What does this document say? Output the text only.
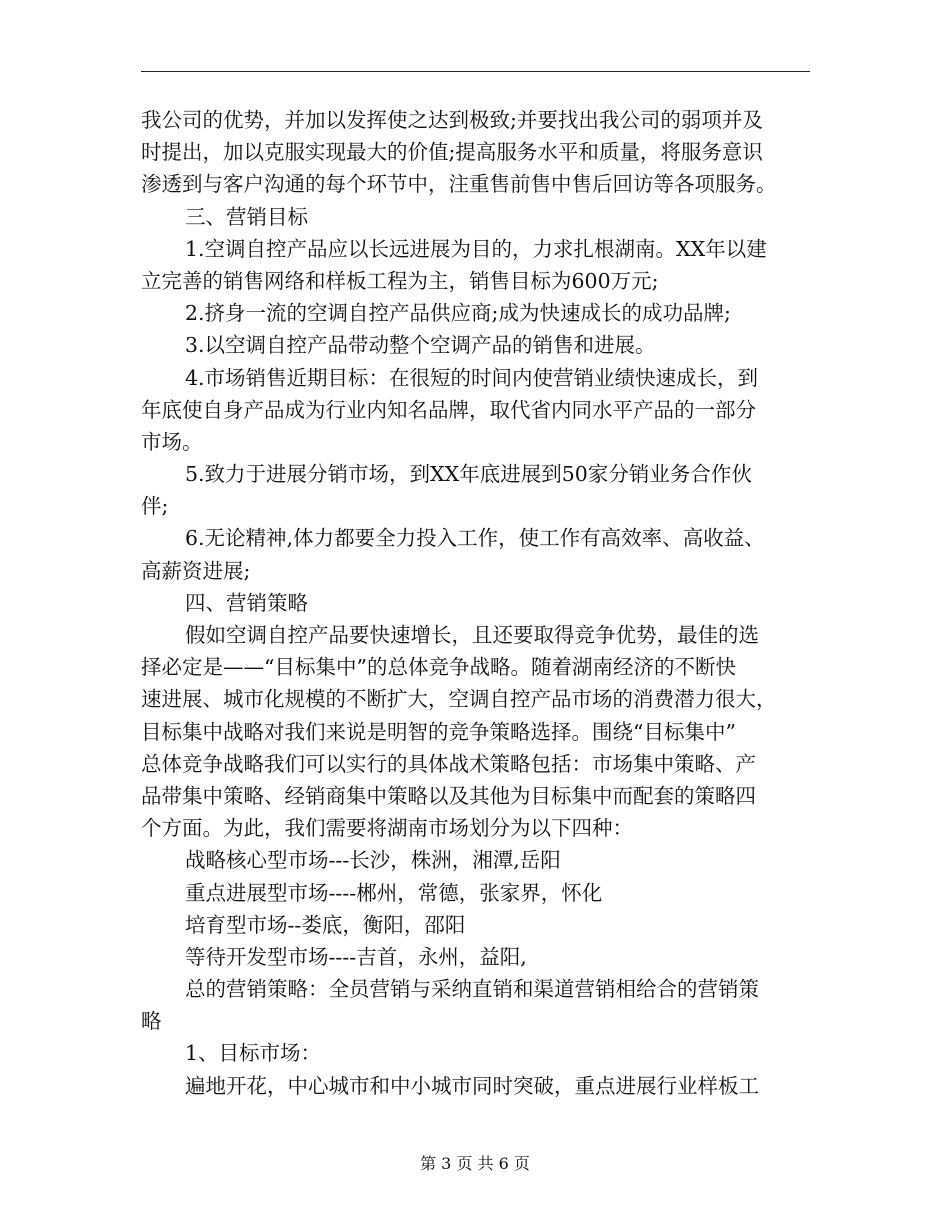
我公司的优势，并加以发挥使之达到极致;并要找出我公司的弱项并及
时提出，加以克服实现最大的价值;提高服务水平和质量，将服务意识
渗透到与客户沟通的每个环节中，注重售前售中售后回访等各项服务。
三、营销目标
1.空调自控产品应以长远进展为目的，力求扎根湖南。XX年以建
立完善的销售网络和样板工程为主，销售目标为600万元;
2.挤身一流的空调自控产品供应商;成为快速成长的成功品牌;
3.以空调自控产品带动整个空调产品的销售和进展。
4.市场销售近期目标：在很短的时间内使营销业绩快速成长，到
年底使自身产品成为行业内知名品牌，取代省内同水平产品的一部分
市场。
5.致力于进展分销市场，到XX年底进展到50家分销业务合作伙
伴;
6.无论精神,体力都要全力投入工作，使工作有高效率、高收益、
高薪资进展;
四、营销策略
假如空调自控产品要快速增长，且还要取得竞争优势，最佳的选
择必定是——“目标集中”的总体竞争战略。随着湖南经济的不断快
速进展、城市化规模的不断扩大，空调自控产品市场的消费潜力很大，
目标集中战略对我们来说是明智的竞争策略选择。围绕“目标集中”
总体竞争战略我们可以实行的具体战术策略包括：市场集中策略、产
品带集中策略、经销商集中策略以及其他为目标集中而配套的策略四
个方面。为此，我们需要将湖南市场划分为以下四种：
战略核心型市场---长沙，株洲，湘潭,岳阳
重点进展型市场----郴州，常德，张家界，怀化
培育型市场--娄底，衡阳，邵阳
等待开发型市场----吉首，永州，益阳,
总的营销策略：全员营销与采纳直销和渠道营销相给合的营销策
略
1、目标市场：
遍地开花，中心城市和中小城市同时突破，重点进展行业样板工
第 3 页 共 6 页
